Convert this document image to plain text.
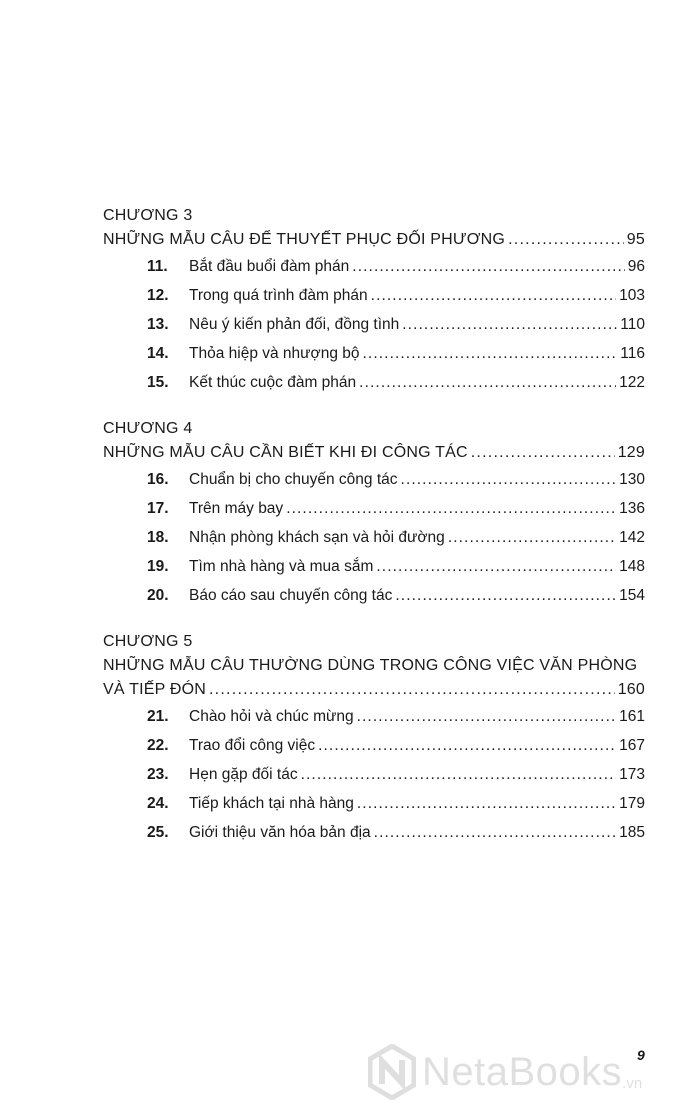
CHƯƠNG 3
NHỮNG MẪU CÂU ĐỂ THUYẾT PHỤC ĐỐI PHƯƠNG . . .	95
11.	Bắt đầu buổi đàm phán . . .	96
12.	Trong quá trình đàm phán . . .	103
13.	Nêu ý kiến phản đối, đồng tình . . .	110
14.	Thỏa hiệp và nhượng bộ . . .	116
15.	Kết thúc cuộc đàm phán . . .	122
CHƯƠNG 4
NHỮNG MẪU CÂU CẦN BIẾT KHI ĐI CÔNG TÁC . . .	129
16.	Chuẩn bị cho chuyến công tác . . .	130
17.	Trên máy bay . . .	136
18.	Nhận phòng khách sạn và hỏi đường . . .	142
19.	Tìm nhà hàng và mua sắm . . .	148
20.	Báo cáo sau chuyến công tác . . .	154
CHƯƠNG 5
NHỮNG MẪU CÂU THƯỜNG DÙNG TRONG CÔNG VIỆC VĂN PHÒNG
VÀ TIẾP ĐÓN . . .	160
21.	Chào hỏi và chúc mừng . . .	161
22.	Trao đổi công việc . . .	167
23.	Hẹn gặp đối tác . . .	173
24.	Tiếp khách tại nhà hàng . . .	179
25.	Giới thiệu văn hóa bản địa . . .	185
9
NetaBooks .vn
